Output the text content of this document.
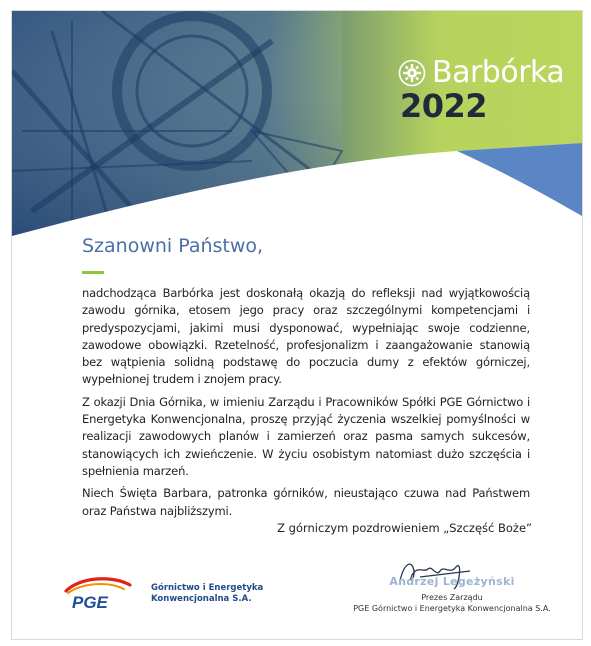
Barbórka
2022
Szanowni Państwo,

nadchodząca Barbórka jest doskonałą okazją do refleksji nad wyjątkowością zawodu górnika, etosem jego pracy oraz szczególnymi kompetencjami i predyspozycjami, jakimi musi dysponować, wypełniając swoje codzienne, zawodowe obowiązki. Rzetelność, profesjonalizm i zaangażowanie stanowią bez wątpienia solidną podstawę do poczucia dumy z efektów górniczej, wypełnionej trudem i znojem pracy.

Z okazji Dnia Górnika, w imieniu Zarządu i Pracowników Spółki PGE Górnictwo i Energetyka Konwencjonalna, proszę przyjąć życzenia wszelkiej pomyślności w realizacji zawodowych planów i zamierzeń oraz pasma samych sukcesów, stanowiących ich zwieńczenie. W życiu osobistym natomiast dużo szczęścia i spełnienia marzeń.

Niech Święta Barbara, patronka górników, nieustająco czuwa nad Państwem oraz Państwa najbliższymi.

Z górniczym pozdrowieniem „Szczęść Boże”
Andrzej Legeżyński
Prezes Zarządu
PGE Górnictwo i Energetyka Konwencjonalna S.A.
PGE
Górnictwo i Energetyka
Konwencjonalna S.A.
